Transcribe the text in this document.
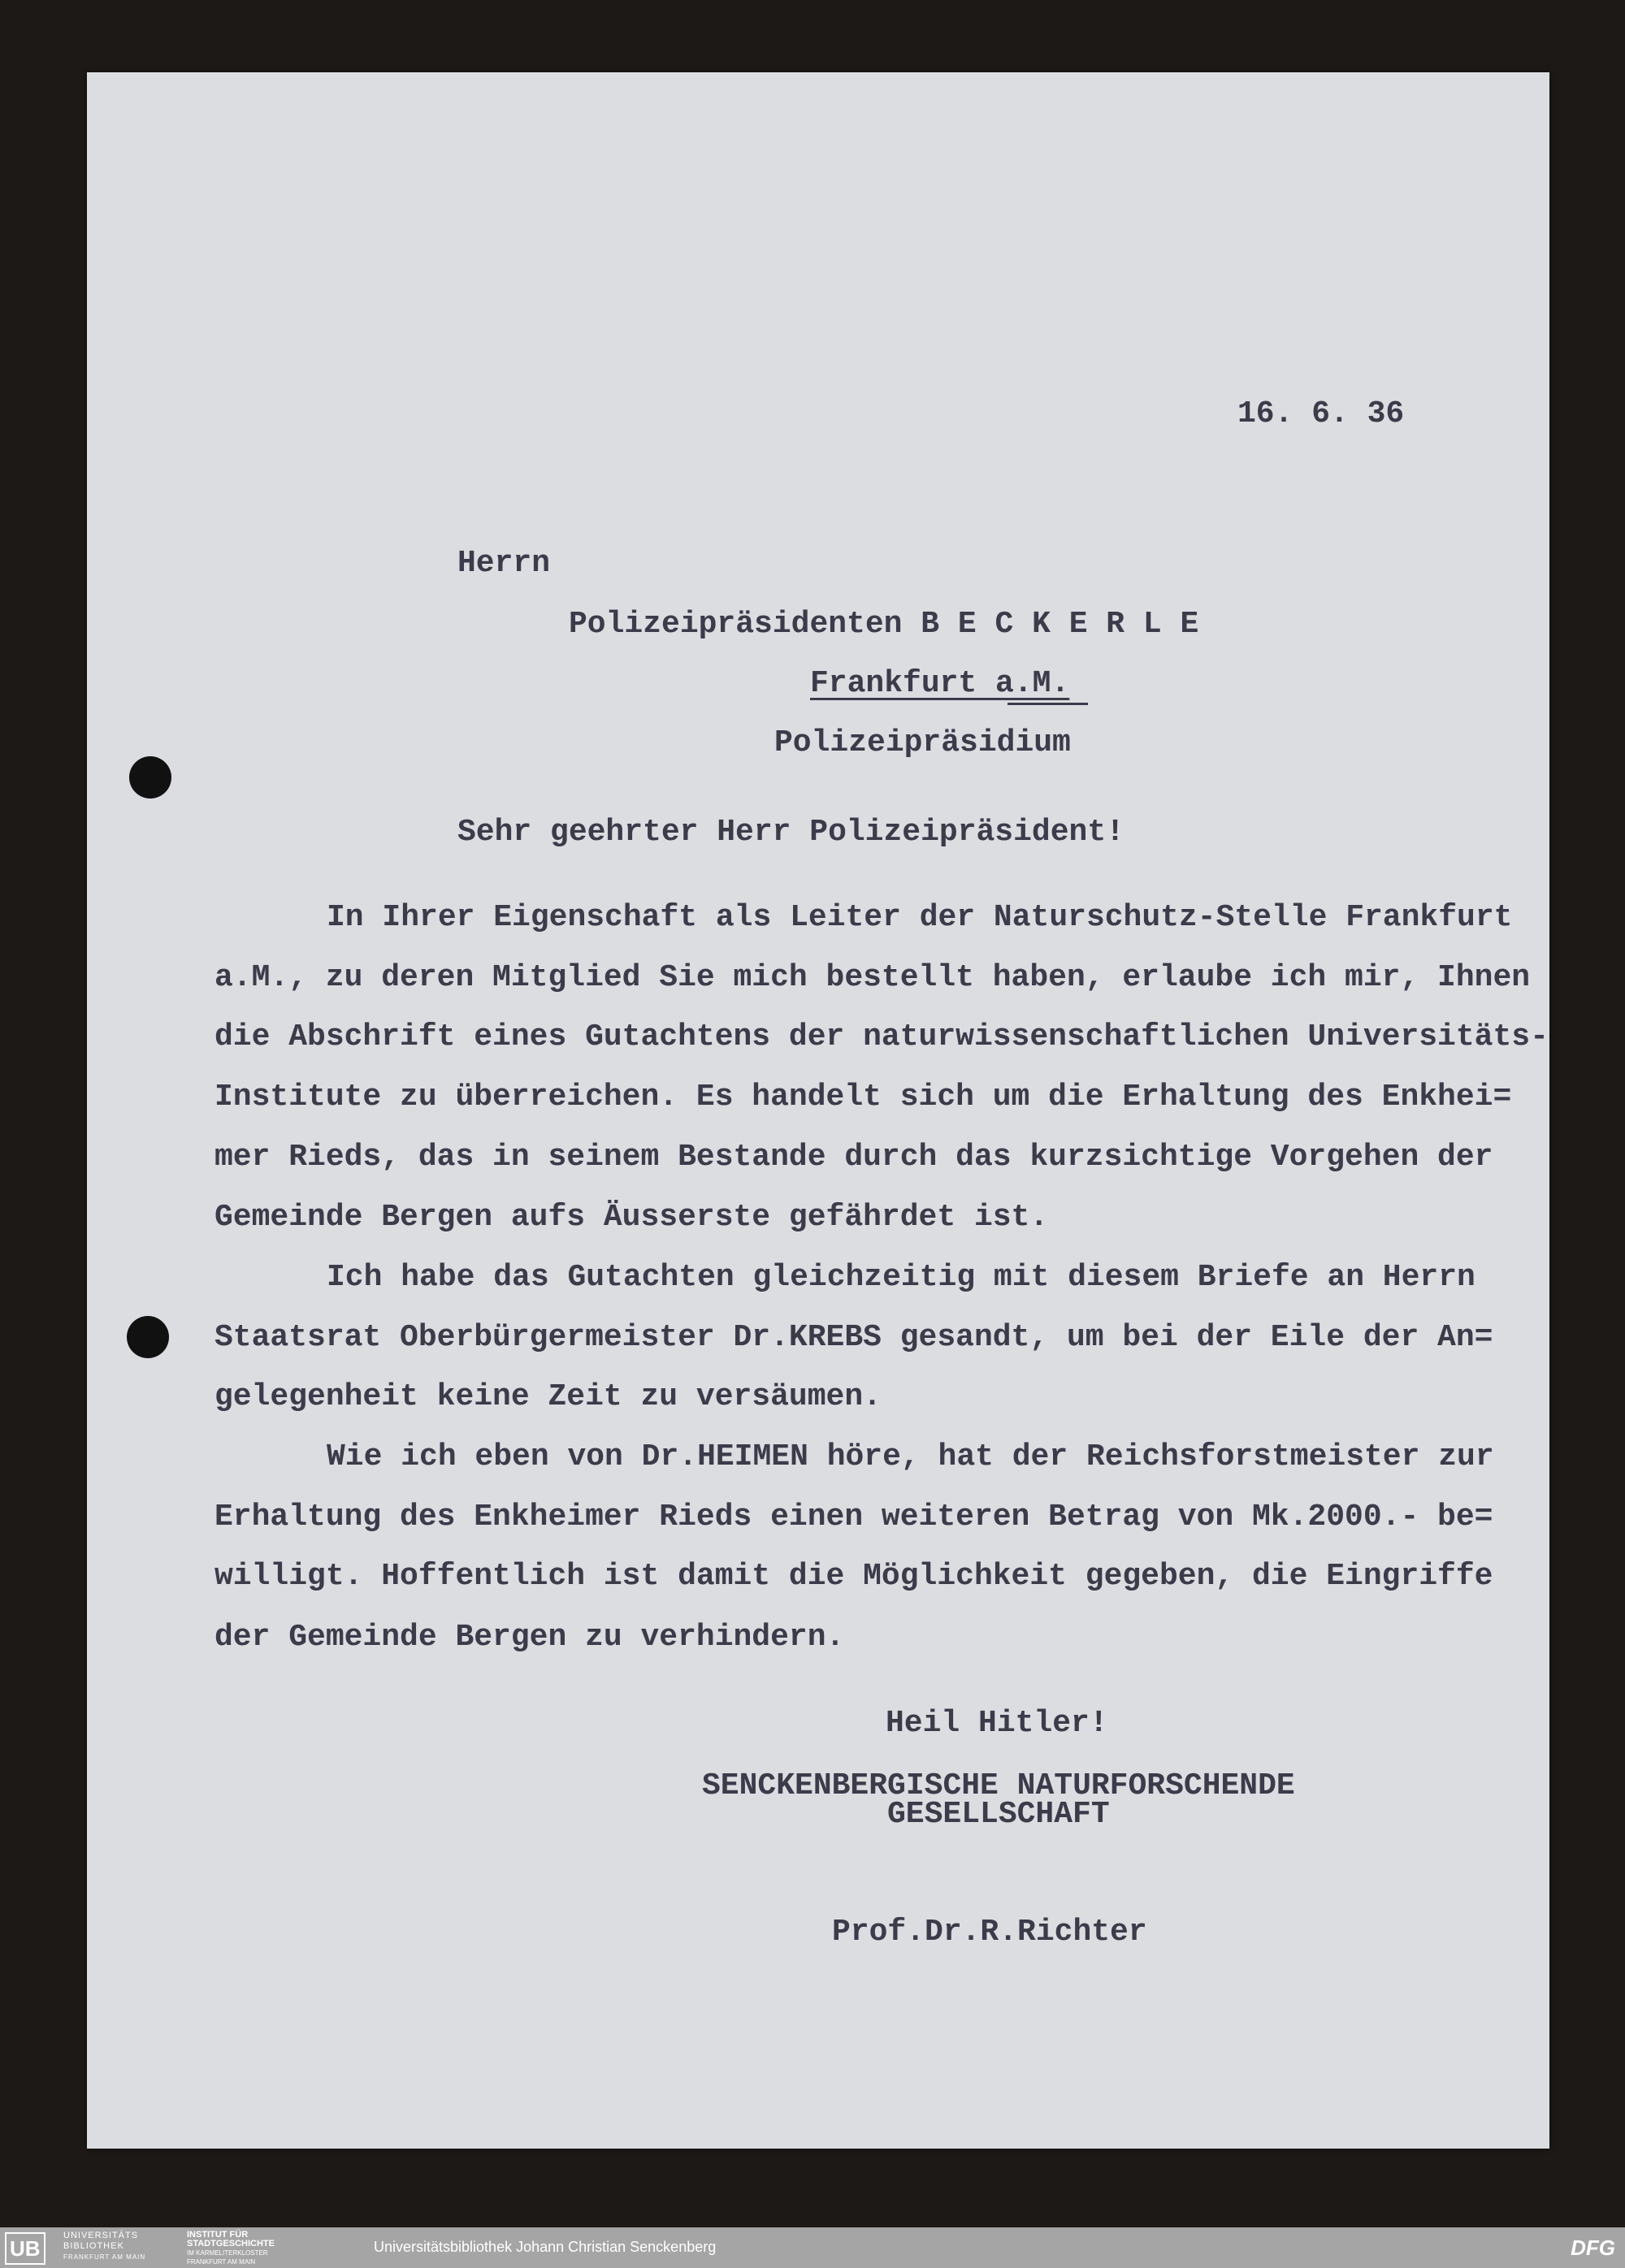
16. 6. 36
Herrn
Polizeipräsidenten B E C K E R L E
Frankfurt a.M.
Polizeipräsidium
Sehr geehrter Herr Polizeipräsident!
In Ihrer Eigenschaft als Leiter der Naturschutz-Stelle Frankfurt
a.M., zu deren Mitglied Sie mich bestellt haben, erlaube ich mir, Ihnen
die Abschrift eines Gutachtens der naturwissenschaftlichen Universitäts-
Institute zu überreichen. Es handelt sich um die Erhaltung des Enkhei=
mer Rieds, das in seinem Bestande durch das kurzsichtige Vorgehen der
Gemeinde Bergen aufs Äusserste gefährdet ist.
Ich habe das Gutachten gleichzeitig mit diesem Briefe an Herrn
Staatsrat Oberbürgermeister Dr.KREBS gesandt, um bei der Eile der An=
gelegenheit keine Zeit zu versäumen.
Wie ich eben von Dr.HEIMEN höre, hat der Reichsforstmeister zur
Erhaltung des Enkheimer Rieds einen weiteren Betrag von Mk.2000.- be=
willigt. Hoffentlich ist damit die Möglichkeit gegeben, die Eingriffe
der Gemeinde Bergen zu verhindern.
Heil Hitler!
SENCKENBERGISCHE NATURFORSCHENDE
GESELLSCHAFT
Prof.Dr.R.Richter
UB
UNIVERSITÄTS
BIBLIOTHEK
FRANKFURT AM MAIN
INSTITUT FÜR
STADTGESCHICHTE
IM KARMELITERKLOSTER
FRANKFURT AM MAIN
Universitätsbibliothek Johann Christian Senckenberg	DFG
